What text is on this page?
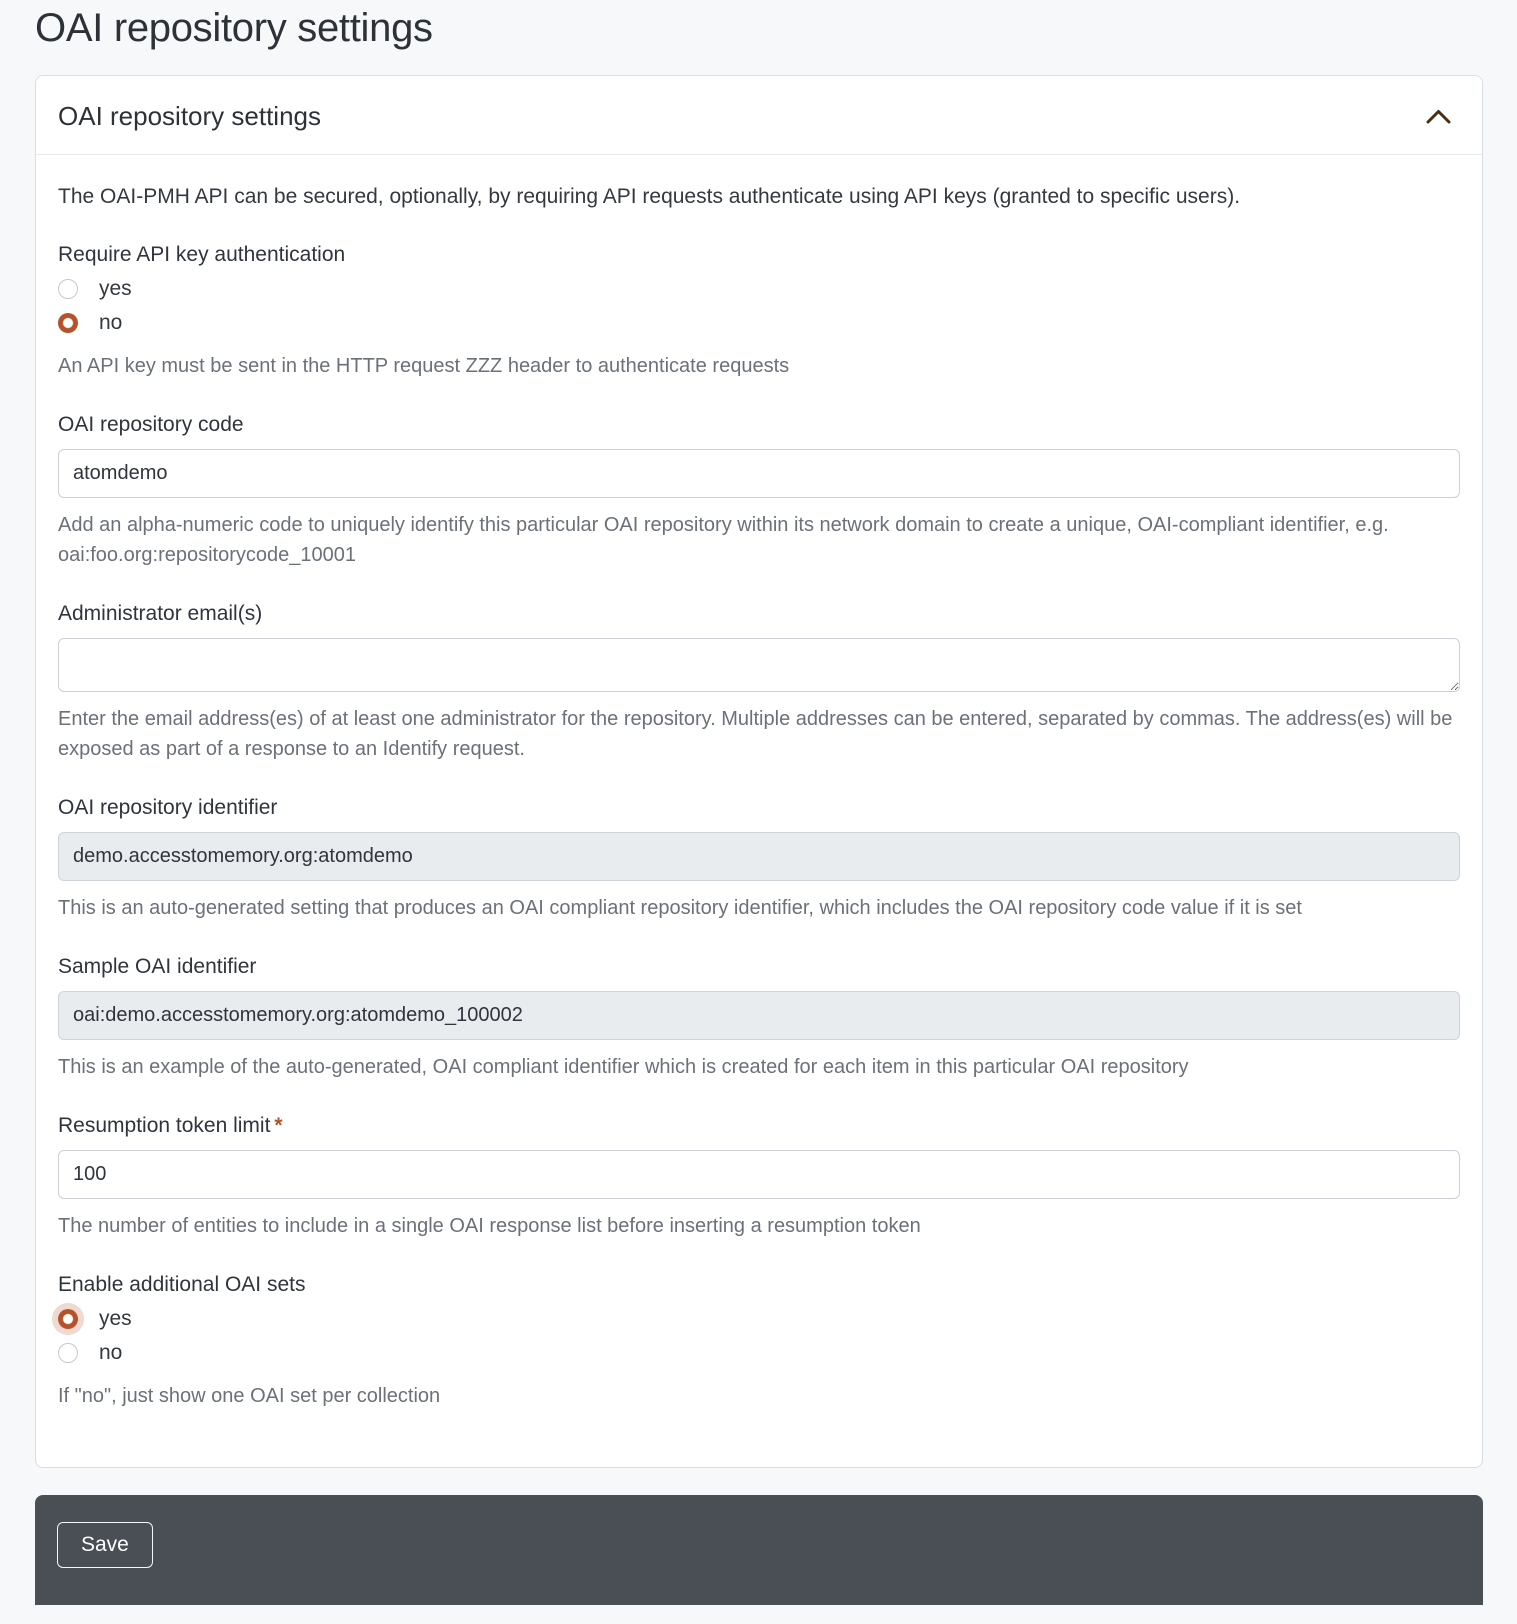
OAI repository settings
OAI repository settings

The OAI-PMH API can be secured, optionally, by requiring API requests authenticate using API keys (granted to specific users).

Require API key authentication
yes
no

An API key must be sent in the HTTP request ZZZ header to authenticate requests

OAI repository code
atomdemo

Add an alpha-numeric code to uniquely identify this particular OAI repository within its network domain to create a unique, OAI-compliant identifier, e.g. oai:foo.org:repositorycode_10001

Administrator email(s)

Enter the email address(es) of at least one administrator for the repository. Multiple addresses can be entered, separated by commas. The address(es) will be exposed as part of a response to an Identify request.

OAI repository identifier
demo.accesstomemory.org:atomdemo

This is an auto-generated setting that produces an OAI compliant repository identifier, which includes the OAI repository code value if it is set

Sample OAI identifier
oai:demo.accesstomemory.org:atomdemo_100002

This is an example of the auto-generated, OAI compliant identifier which is created for each item in this particular OAI repository

Resumption token limit *
100

The number of entities to include in a single OAI response list before inserting a resumption token

Enable additional OAI sets
yes
no

If "no", just show one OAI set per collection

Save
